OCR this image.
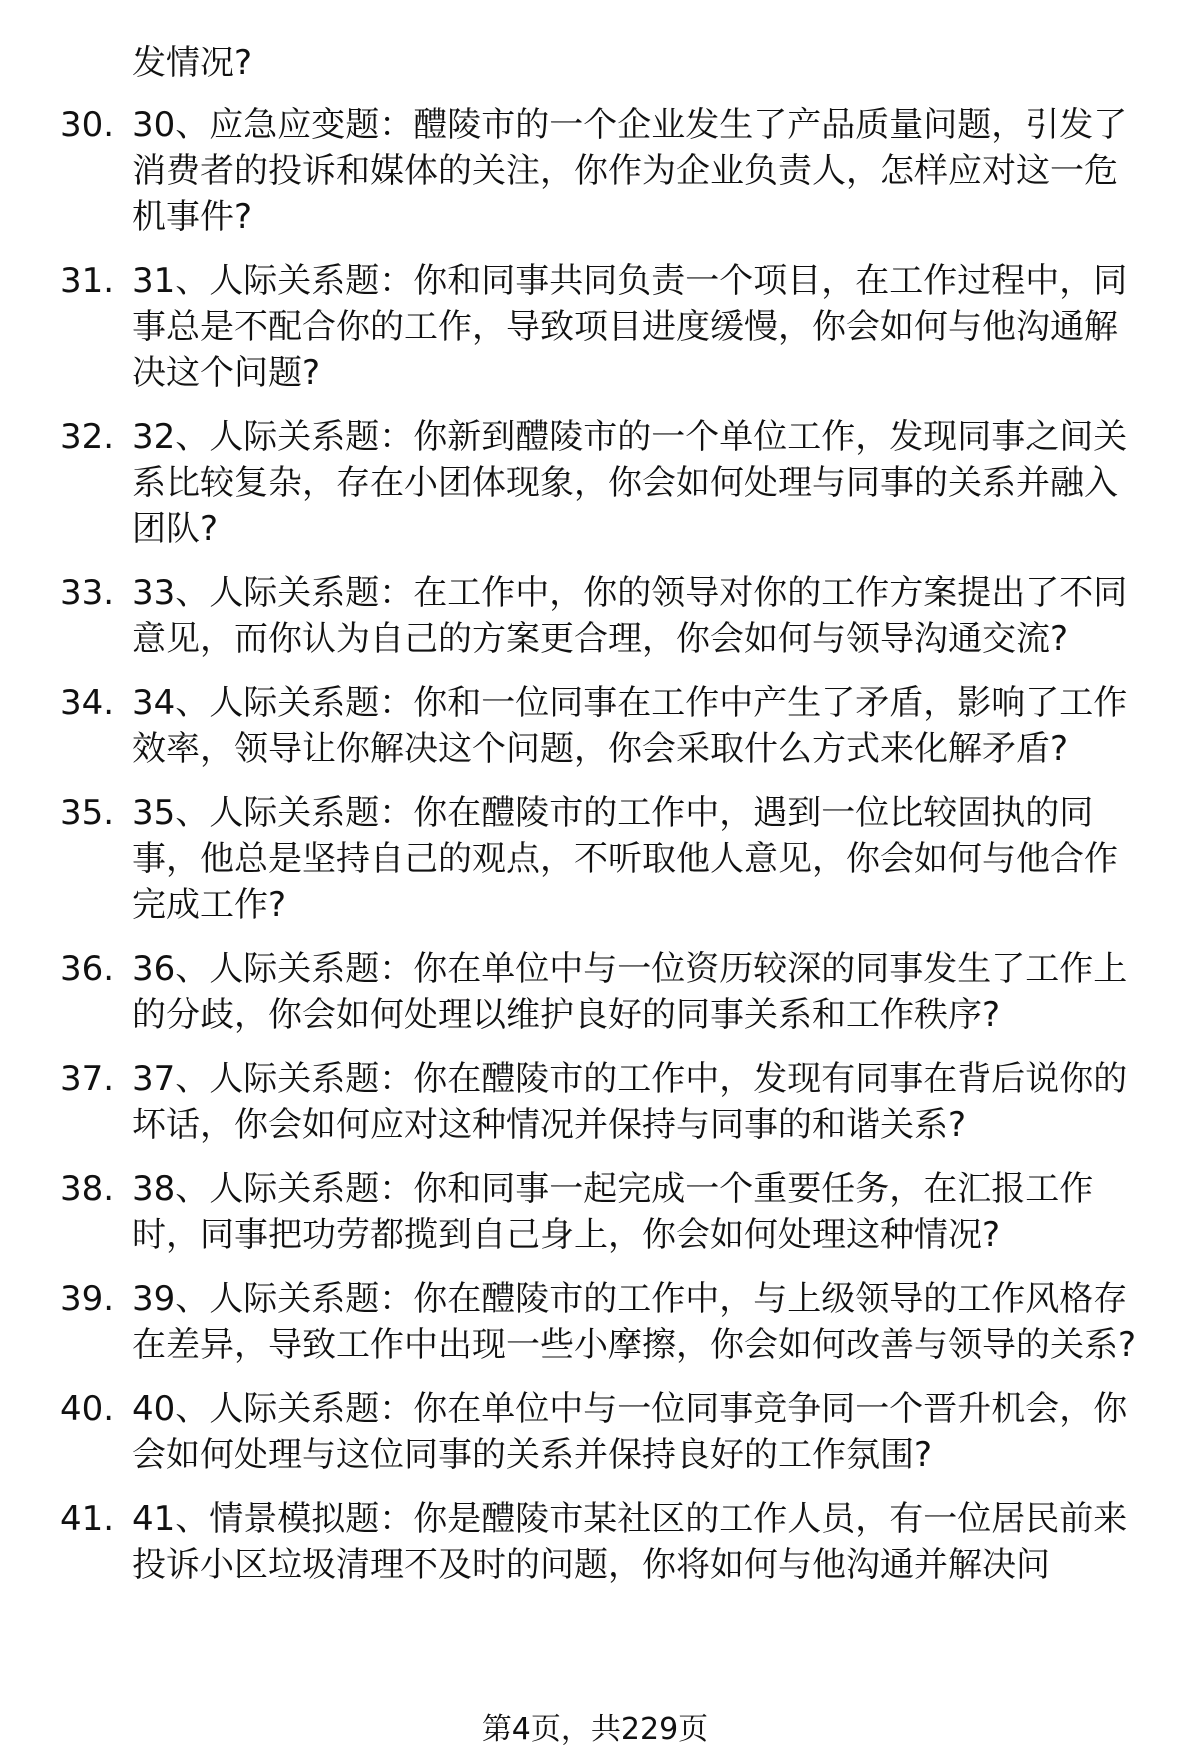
发情况?
30. 30、应急应变题：醴陵市的一个企业发生了产品质量问题，引发了消费者的投诉和媒体的关注，你作为企业负责人，怎样应对这一危机事件?
31. 31、人际关系题：你和同事共同负责一个项目，在工作过程中，同事总是不配合你的工作，导致项目进度缓慢，你会如何与他沟通解决这个问题?
32. 32、人际关系题：你新到醴陵市的一个单位工作，发现同事之间关系比较复杂，存在小团体现象，你会如何处理与同事的关系并融入团队?
33. 33、人际关系题：在工作中，你的领导对你的工作方案提出了不同意见，而你认为自己的方案更合理，你会如何与领导沟通交流?
34. 34、人际关系题：你和一位同事在工作中产生了矛盾，影响了工作效率，领导让你解决这个问题，你会采取什么方式来化解矛盾?
35. 35、人际关系题：你在醴陵市的工作中，遇到一位比较固执的同事，他总是坚持自己的观点，不听取他人意见，你会如何与他合作完成工作?
36. 36、人际关系题：你在单位中与一位资历较深的同事发生了工作上的分歧，你会如何处理以维护良好的同事关系和工作秩序?
37. 37、人际关系题：你在醴陵市的工作中，发现有同事在背后说你的坏话，你会如何应对这种情况并保持与同事的和谐关系?
38. 38、人际关系题：你和同事一起完成一个重要任务，在汇报工作时，同事把功劳都揽到自己身上，你会如何处理这种情况?
39. 39、人际关系题：你在醴陵市的工作中，与上级领导的工作风格存在差异，导致工作中出现一些小摩擦，你会如何改善与领导的关系?
40. 40、人际关系题：你在单位中与一位同事竞争同一个晋升机会，你会如何处理与这位同事的关系并保持良好的工作氛围?
41. 41、情景模拟题：你是醴陵市某社区的工作人员，有一位居民前来投诉小区垃圾清理不及时的问题，你将如何与他沟通并解决问
第4页，共229页
